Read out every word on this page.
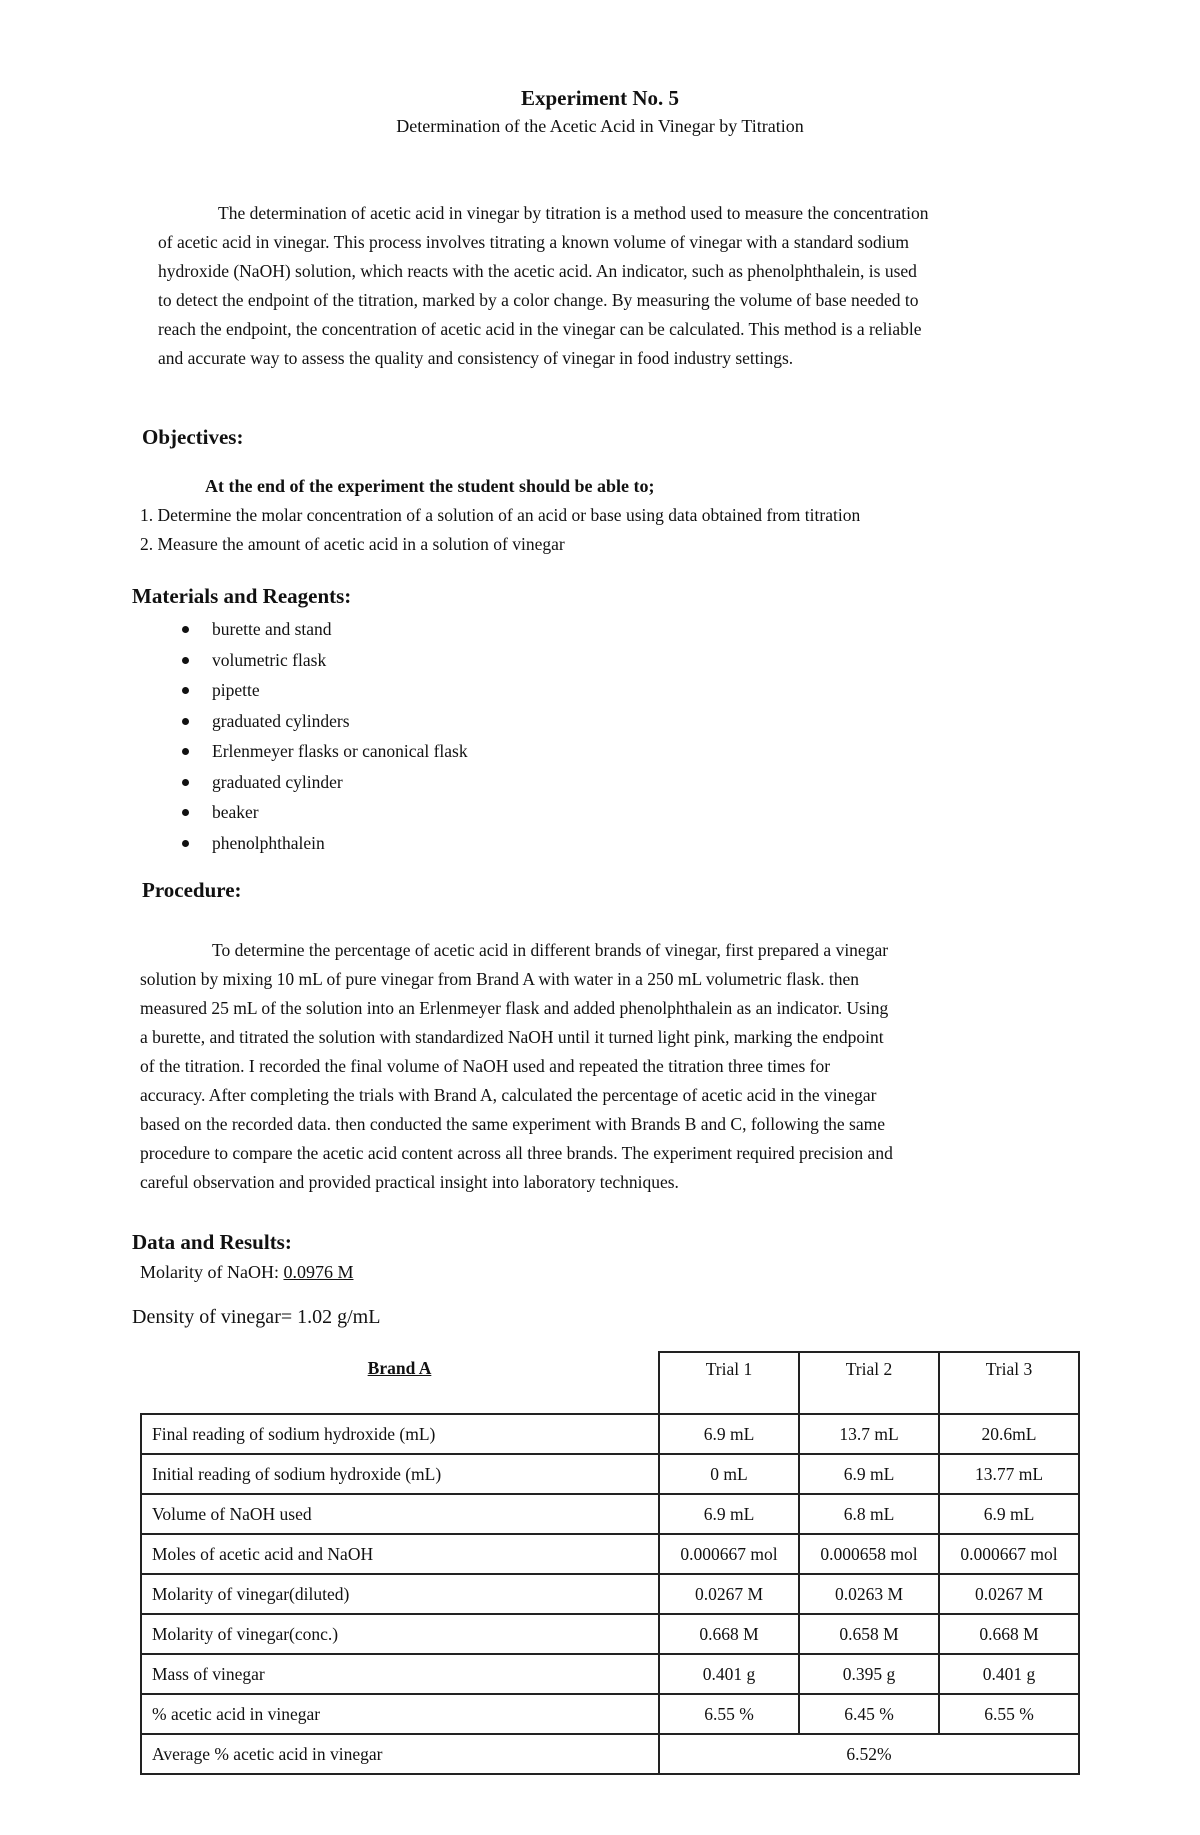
Experiment No. 5
Determination of the Acetic Acid in Vinegar by Titration
The determination of acetic acid in vinegar by titration is a method used to measure the concentration
of acetic acid in vinegar. This process involves titrating a known volume of vinegar with a standard sodium
hydroxide (NaOH) solution, which reacts with the acetic acid. An indicator, such as phenolphthalein, is used
to detect the endpoint of the titration, marked by a color change. By measuring the volume of base needed to
reach the endpoint, the concentration of acetic acid in the vinegar can be calculated. This method is a reliable
and accurate way to assess the quality and consistency of vinegar in food industry settings.
Objectives:
At the end of the experiment the student should be able to;
1. Determine the molar concentration of a solution of an acid or base using data obtained from titration
2. Measure the amount of acetic acid in a solution of vinegar
Materials and Reagents:
burette and stand
volumetric flask
pipette
graduated cylinders
Erlenmeyer flasks or canonical flask
graduated cylinder
beaker
phenolphthalein
Procedure:
To determine the percentage of acetic acid in different brands of vinegar, first prepared a vinegar
solution by mixing 10 mL of pure vinegar from Brand A with water in a 250 mL volumetric flask. then
measured 25 mL of the solution into an Erlenmeyer flask and added phenolphthalein as an indicator. Using
a burette, and titrated the solution with standardized NaOH until it turned light pink, marking the endpoint
of the titration. I recorded the final volume of NaOH used and repeated the titration three times for
accuracy. After completing the trials with Brand A, calculated the percentage of acetic acid in the vinegar
based on the recorded data. then conducted the same experiment with Brands B and C, following the same
procedure to compare the acetic acid content across all three brands. The experiment required precision and
careful observation and provided practical insight into laboratory techniques.
Data and Results:
Molarity of NaOH: 0.0976 M
Density of vinegar= 1.02 g/mL
Brand A	Trial 1	Trial 2	Trial 3
Final reading of sodium hydroxide (mL)	6.9 mL	13.7 mL	20.6mL
Initial reading of sodium hydroxide (mL)	0 mL	6.9 mL	13.77 mL
Volume of NaOH used	6.9 mL	6.8 mL	6.9 mL
Moles of acetic acid and NaOH	0.000667 mol	0.000658 mol	0.000667 mol
Molarity of vinegar(diluted)	0.0267 M	0.0263 M	0.0267 M
Molarity of vinegar(conc.)	0.668 M	0.658 M	0.668 M
Mass of vinegar	0.401 g	0.395 g	0.401 g
% acetic acid in vinegar	6.55 %	6.45 %	6.55 %
Average % acetic acid in vinegar	6.52%		
